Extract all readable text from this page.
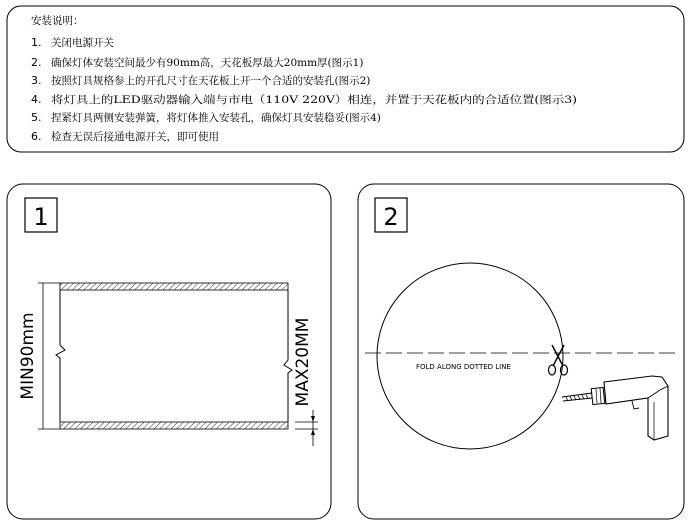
安装说明：
1. 关闭电源开关
2. 确保灯体安装空间最少有90mm高，天花板厚最大20mm厚(图示1)
3. 按照灯具规格参上的开孔尺寸在天花板上开一个合适的安装孔(图示2)
4. 将灯具上的LED驱动器输入端与市电（110V 220V）相连，并置于天花板内的合适位置(图示3)
5. 捏紧灯具两侧安装弹簧，将灯体推入安装孔，确保灯具安装稳妥(图示4)
6. 检查无误后接通电源开关，即可使用
1
MIN90mm	MAX20MM
2
FOLD ALONG DOTTED LINE
